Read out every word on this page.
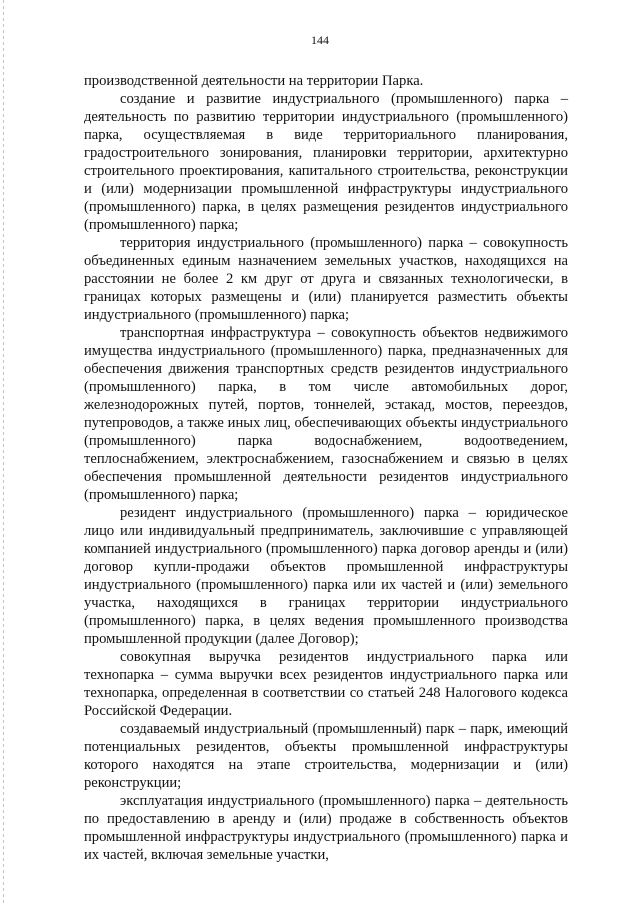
144

производственной деятельности на территории Парка.

создание и развитие индустриального (промышленного) парка – деятельность по развитию территории индустриального (промышленного) парка, осуществляемая в виде территориального планирования, градостроительного зонирования, планировки территории, архитектурно строительного проектирования, капитального строительства, реконструкции и (или) модернизации промышленной инфраструктуры индустриального (промышленного) парка, в целях размещения резидентов индустриального (промышленного) парка;

территория индустриального (промышленного) парка – совокупность объединенных единым назначением земельных участков, находящихся на расстоянии не более 2 км друг от друга и связанных технологически, в границах которых размещены и (или) планируется разместить объекты индустриального (промышленного) парка;

транспортная инфраструктура – совокупность объектов недвижимого имущества индустриального (промышленного) парка, предназначенных для обеспечения движения транспортных средств резидентов индустриального (промышленного) парка, в том числе автомобильных дорог, железнодорожных путей, портов, тоннелей, эстакад, мостов, переездов, путепроводов, а также иных лиц, обеспечивающих объекты индустриального (промышленного) парка водоснабжением, водоотведением, теплоснабжением, электроснабжением, газоснабжением и связью в целях обеспечения промышленной деятельности резидентов индустриального (промышленного) парка;

резидент индустриального (промышленного) парка – юридическое лицо или индивидуальный предприниматель, заключившие с управляющей компанией индустриального (промышленного) парка договор аренды и (или) договор купли-продажи объектов промышленной инфраструктуры индустриального (промышленного) парка или их частей и (или) земельного участка, находящихся в границах территории индустриального (промышленного) парка, в целях ведения промышленного производства промышленной продукции (далее Договор);

совокупная выручка резидентов индустриального парка или технопарка – сумма выручки всех резидентов индустриального парка или технопарка, определенная в соответствии со статьей 248 Налогового кодекса Российской Федерации.

создаваемый индустриальный (промышленный) парк – парк, имеющий потенциальных резидентов, объекты промышленной инфраструктуры которого находятся на этапе строительства, модернизации и (или) реконструкции;

эксплуатация индустриального (промышленного) парка – деятельность по предоставлению в аренду и (или) продаже в собственность объектов промышленной инфраструктуры индустриального (промышленного) парка и их частей, включая земельные участки,
